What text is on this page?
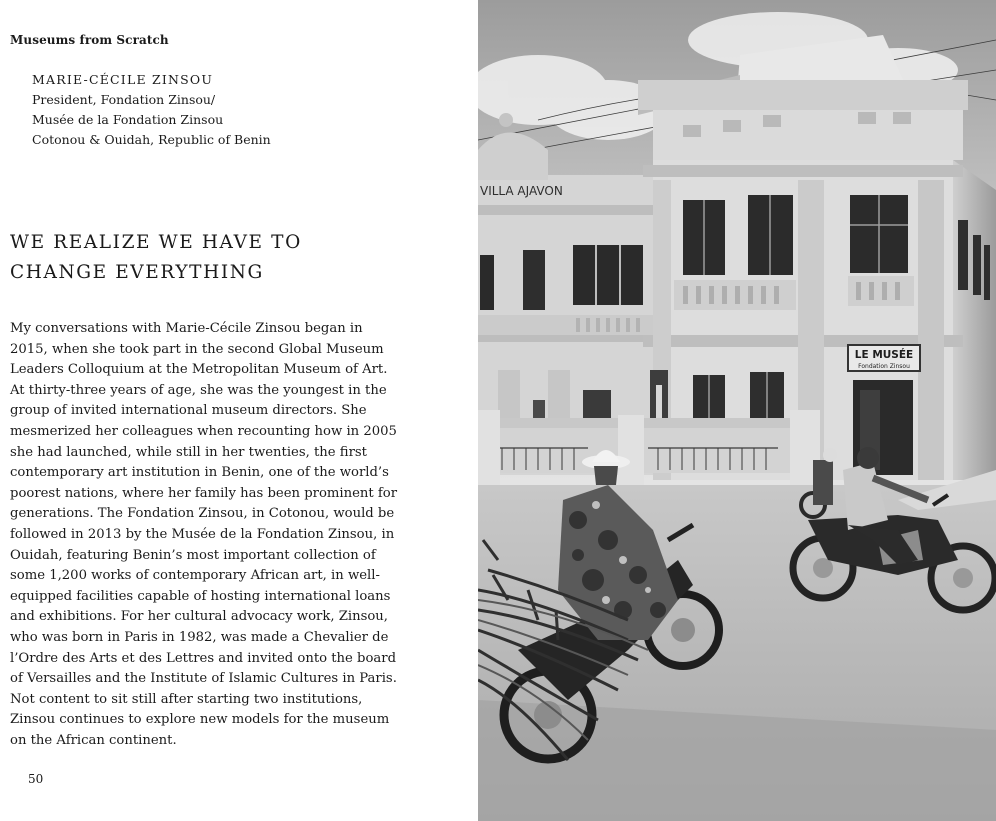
Museums from Scratch
MARIE-CÉCILE ZINSOU
President, Fondation Zinsou/
Musée de la Fondation Zinsou
Cotonou & Ouidah, Republic of Benin
WE REALIZE WE HAVE TO
CHANGE EVERYTHING

My conversations with Marie-Cécile Zinsou began in
2015, when she took part in the second Global Museum
Leaders Colloquium at the Metropolitan Museum of Art.
At thirty-three years of age, she was the youngest in the
group of invited international museum directors. She
mesmerized her colleagues when recounting how in 2005
she had launched, while still in her twenties, the first
contemporary art institution in Benin, one of the world’s
poorest nations, where her family has been prominent for
generations. The Fondation Zinsou, in Cotonou, would be
followed in 2013 by the Musée de la Fondation Zinsou, in
Ouidah, featuring Benin’s most important collection of
some 1,200 works of contemporary African art, in well-
equipped facilities capable of hosting international loans
and exhibitions. For her cultural advocacy work, Zinsou,
who was born in Paris in 1982, was made a Chevalier de
l’Ordre des Arts et des Lettres and invited onto the board
of Versailles and the Institute of Islamic Cultures in Paris.
Not content to sit still after starting two institutions,
Zinsou continues to explore new models for the museum
on the African continent.

50
VILLA AJAVON
LE MUSÉE
Fondation Zinsou
